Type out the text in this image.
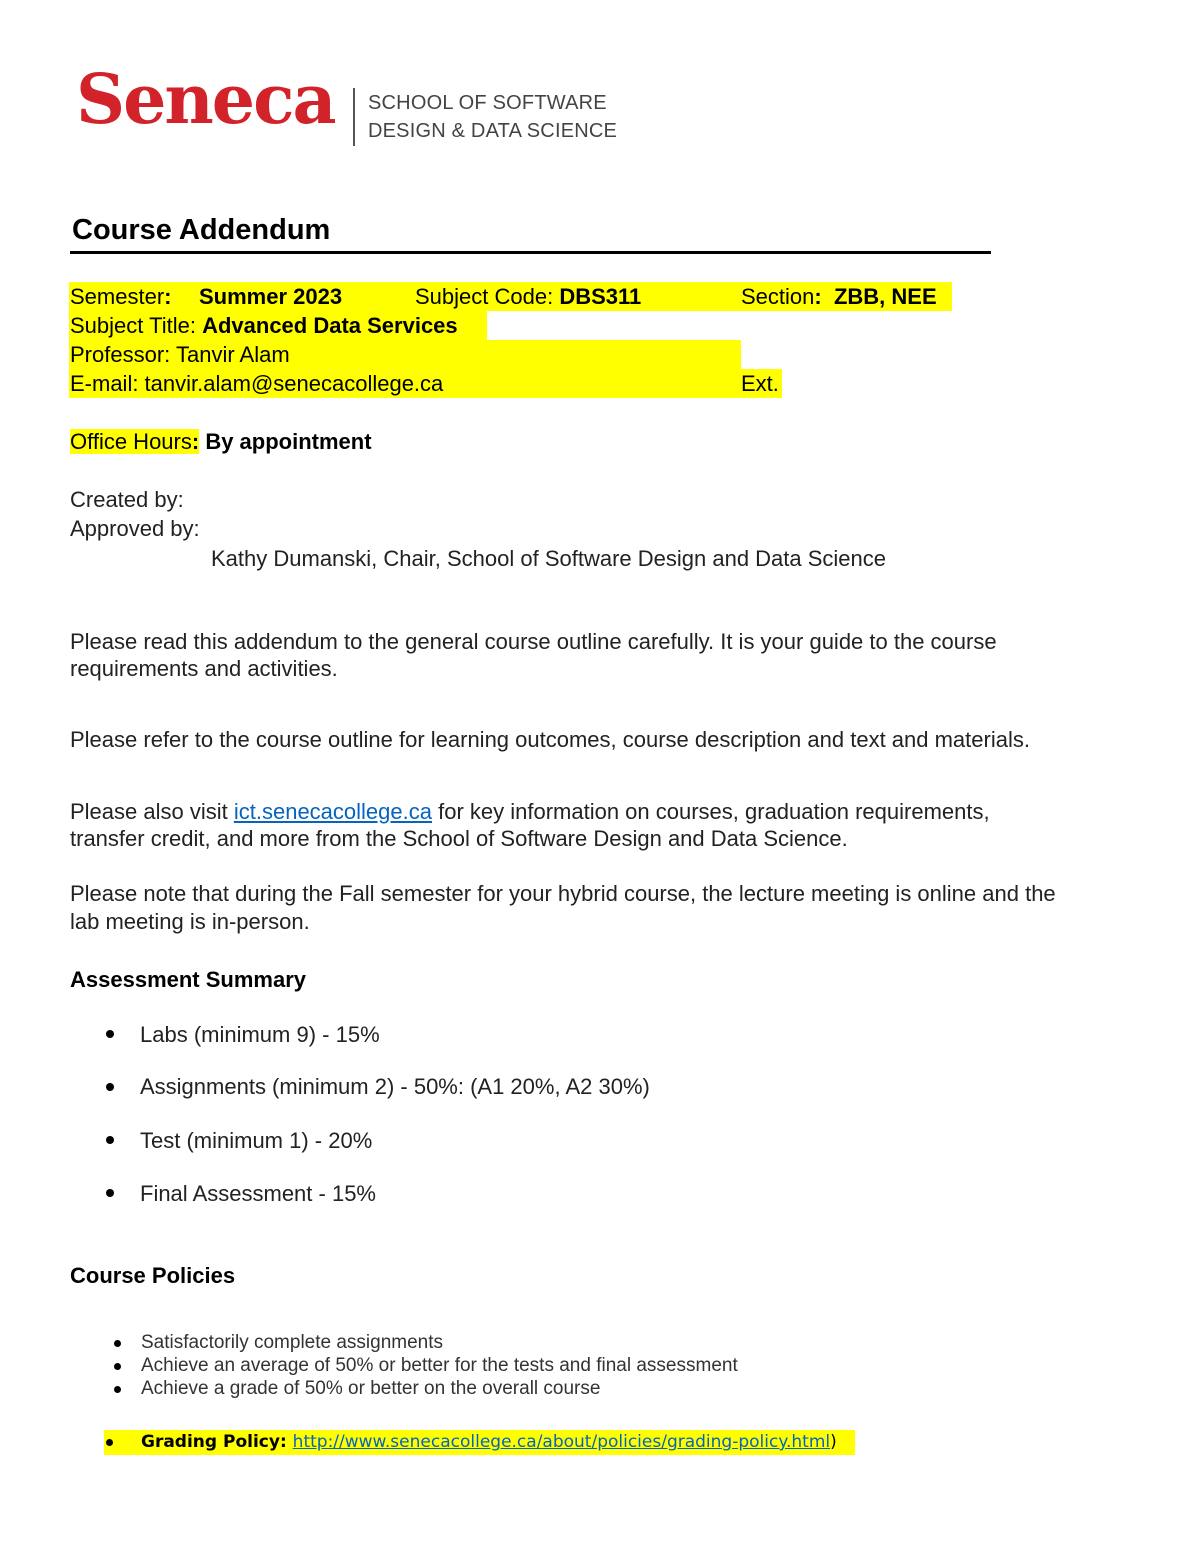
Seneca SCHOOL OF SOFTWARE
DESIGN & DATA SCIENCE
Course Addendum
Semester: Summer 2023	Subject Code: DBS311	Section:  ZBB, NEE
Subject Title: Advanced Data Services
Professor: Tanvir Alam
E-mail: tanvir.alam@senecacollege.ca	Ext.
Office Hours: By appointment
Created by:
Approved by:
Kathy Dumanski, Chair, School of Software Design and Data Science
Please read this addendum to the general course outline carefully. It is your guide to the course
requirements and activities.
Please refer to the course outline for learning outcomes, course description and text and materials.
Please also visit ict.senecacollege.ca for key information on courses, graduation requirements,
transfer credit, and more from the School of Software Design and Data Science.
Please note that during the Fall semester for your hybrid course, the lecture meeting is online and the
lab meeting is in-person.
Assessment Summary
Labs (minimum 9) - 15%
Assignments (minimum 2) - 50%: (A1 20%, A2 30%)
Test (minimum 1) - 20%
Final Assessment - 15%
Course Policies
Satisfactorily complete assignments
Achieve an average of 50% or better for the tests and final assessment
Achieve a grade of 50% or better on the overall course
Grading Policy: http://www.senecacollege.ca/about/policies/grading-policy.html)
